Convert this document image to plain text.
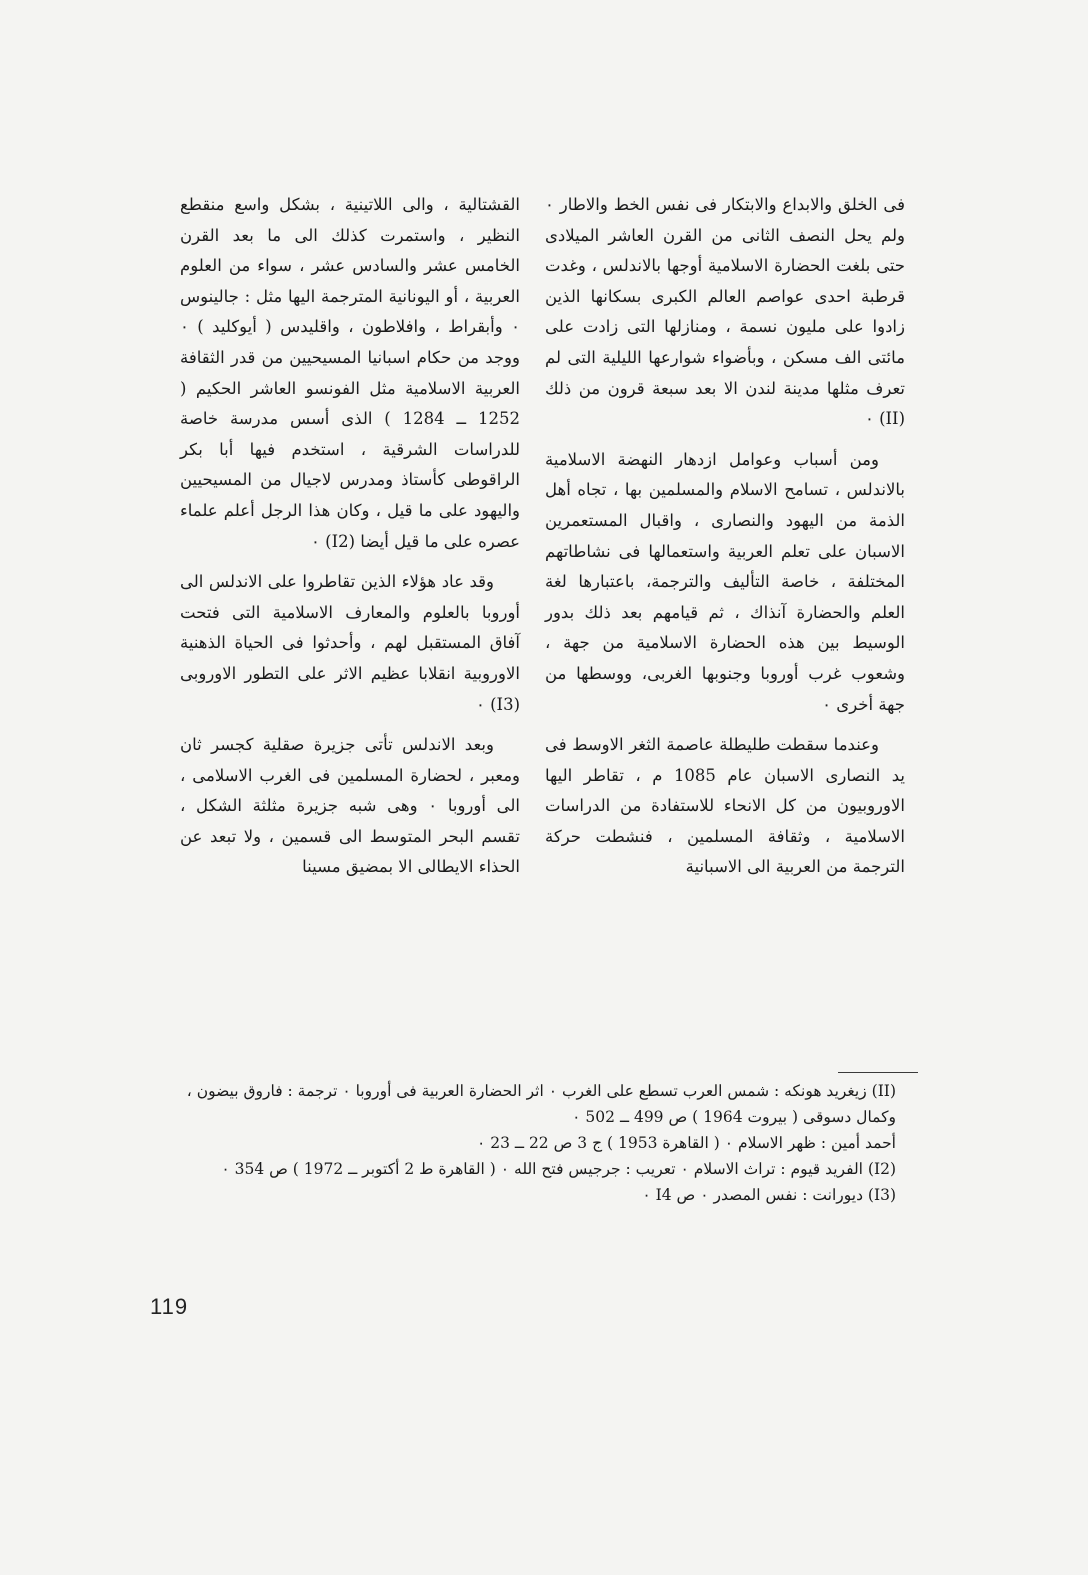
فى الخلق والابداع والابتكار فى نفس الخط والاطار ٠ ولم يحل النصف الثانى من القرن العاشر الميلادى حتى بلغت الحضارة الاسلامية أوجها بالاندلس ، وغدت قرطبة احدى عواصم العالم الكبرى بسكانها الذين زادوا على مليون نسمة ، ومنازلها التى زادت على مائتى الف مسكن ، وبأضواء شوارعها الليلية التى لم تعرف مثلها مدينة لندن الا بعد سبعة قرون من ذلك (II) ٠

ومن أسباب وعوامل ازدهار النهضة الاسلامية بالاندلس ، تسامح الاسلام والمسلمين بها ، تجاه أهل الذمة من اليهود والنصارى ، واقبال المستعمرين الاسبان على تعلم العربية واستعمالها فى نشاطاتهم المختلفة ، خاصة التأليف والترجمة، باعتبارها لغة العلم والحضارة آنذاك ، ثم قيامهم بعد ذلك بدور الوسيط بين هذه الحضارة الاسلامية من جهة ، وشعوب غرب أوروبا وجنوبها الغربى، ووسطها من جهة أخرى ٠

وعندما سقطت طليطلة عاصمة الثغر الاوسط فى يد النصارى الاسبان عام 1085 م ، تقاطر اليها الاوروبيون من كل الانحاء للاستفادة من الدراسات الاسلامية ، وثقافة المسلمين ، فنشطت حركة الترجمة من العربية الى الاسبانية

القشتالية ، والى اللاتينية ، بشكل واسع منقطع النظير ، واستمرت كذلك الى ما بعد القرن الخامس عشر والسادس عشر ، سواء من العلوم العربية ، أو اليونانية المترجمة اليها مثل : جالينوس ٠ وأبقراط ، وافلاطون ، واقليدس ( أيوكليد ) ٠ ووجد من حكام اسبانيا المسيحيين من قدر الثقافة العربية الاسلامية مثل الفونسو العاشر الحكيم ( 1252 ــ 1284 ) الذى أسس مدرسة خاصة للدراسات الشرقية ، استخدم فيها أبا بكر الراقوطى كأستاذ ومدرس لاجيال من المسيحيين واليهود على ما قيل ، وكان هذا الرجل أعلم علماء عصره على ما قيل أيضا (I2) ٠

وقد عاد هؤلاء الذين تقاطروا على الاندلس الى أوروبا بالعلوم والمعارف الاسلامية التى فتحت آفاق المستقبل لهم ، وأحدثوا فى الحياة الذهنية الاوروبية انقلابا عظيم الاثر على التطور الاوروبى (I3) ٠

وبعد الاندلس تأتى جزيرة صقلية كجسر ثان ومعبر ، لحضارة المسلمين فى الغرب الاسلامى ، الى أوروبا ٠ وهى شبه جزيرة مثلثة الشكل ، تقسم البحر المتوسط الى قسمين ، ولا تبعد عن الحذاء الايطالى الا بمضيق مسينا

(II) زيغريد هونكه : شمس العرب تسطع على الغرب ٠ اثر الحضارة العربية فى أوروبا ٠ ترجمة : فاروق بيضون ، وكمال دسوقى ( بيروت 1964 ) ص 499 ــ 502 ٠

أحمد أمين : ظهر الاسلام ٠ ( القاهرة 1953 ) ج 3 ص 22 ــ 23 ٠

(I2) الفريد قيوم : تراث الاسلام ٠ تعريب : جرجيس فتح الله ٠ ( القاهرة ط 2 أكتوبر ــ 1972 ) ص 354 ٠

(I3) ديورانت : نفس المصدر ٠ ص I4 ٠

119
